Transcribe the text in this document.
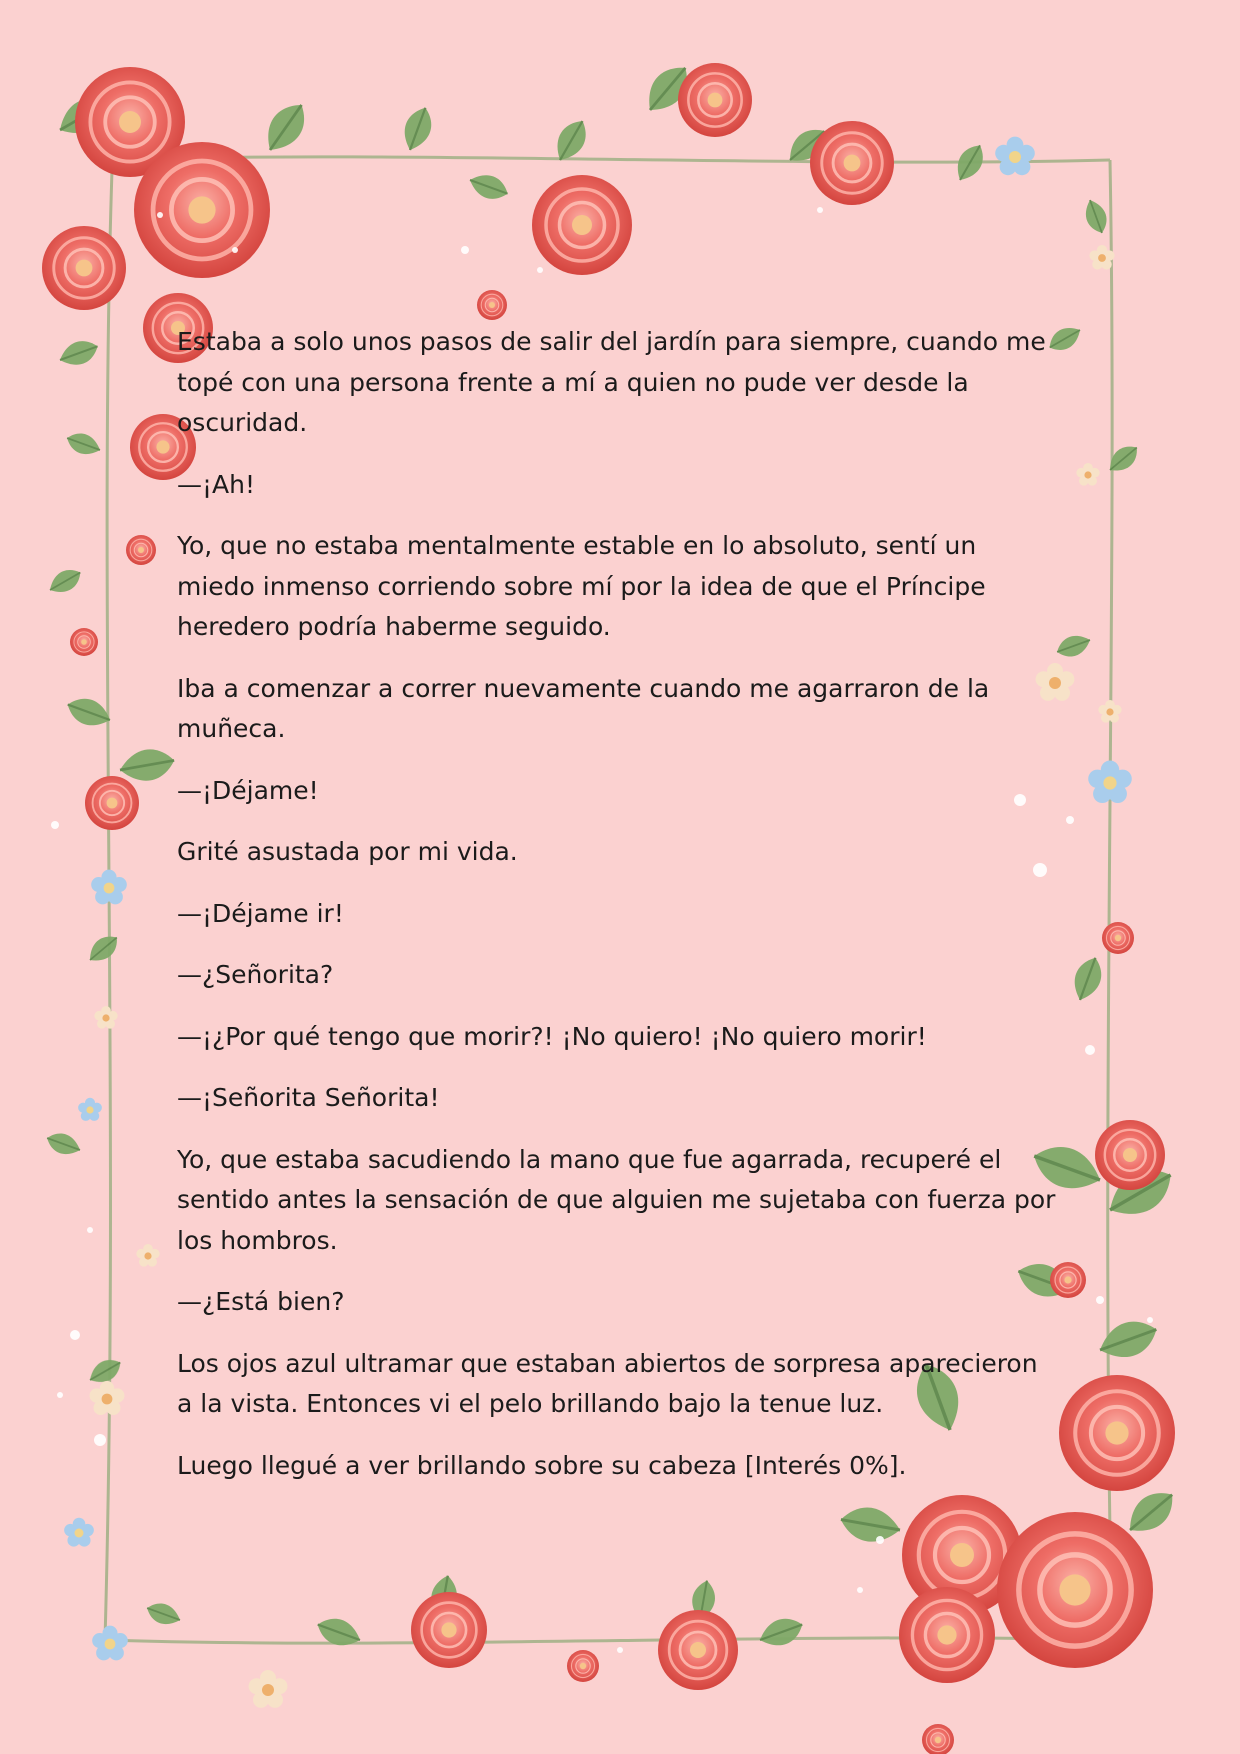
Estaba a solo unos pasos de salir del jardín para siempre, cuando me topé con una persona frente a mí a quien no pude ver desde la oscuridad.

—¡Ah!

Yo, que no estaba mentalmente estable en lo absoluto, sentí un miedo inmenso corriendo sobre mí por la idea de que el Príncipe heredero podría haberme seguido.

Iba a comenzar a correr nuevamente cuando me agarraron de la muñeca.

—¡Déjame!

Grité asustada por mi vida.

—¡Déjame ir!

—¿Señorita?

—¡¿Por qué tengo que morir?! ¡No quiero! ¡No quiero morir!

—¡Señorita Señorita!

Yo, que estaba sacudiendo la mano que fue agarrada, recuperé el sentido antes la sensación de que alguien me sujetaba con fuerza por los hombros.

—¿Está bien?

Los ojos azul ultramar que estaban abiertos de sorpresa aparecieron a la vista. Entonces vi el pelo brillando bajo la tenue luz.

Luego llegué a ver brillando sobre su cabeza [Interés 0%].
